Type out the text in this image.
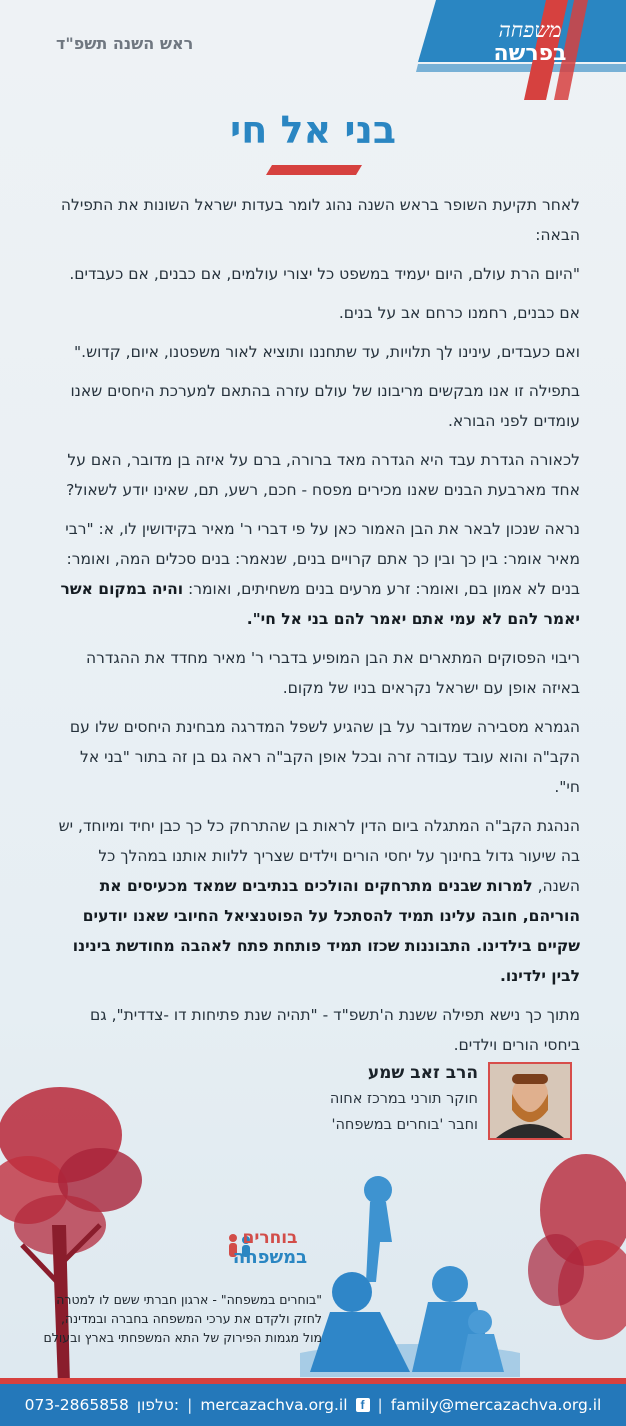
משפחה
בפרשה
ראש השנה תשפ"ד
בני אל חי

לאחר תקיעת השופר בראש השנה נהוג לומר בעדות ישראל השונות את התפילה הבאה:

"היום הרת עולם, היום יעמיד במשפט כל יצורי עולמים, אם כבנים, אם כעבדים.

אם כבנים, רחמנו כרחם אב על בנים.

ואם כעבדים, עינינו לך תלויות, עד שתחננו ותוציא לאור משפטנו, איום, קדוש."

בתפילה זו אנו מבקשים מריבונו של עולם עזרה בהתאם למערכת היחסים שאנו עומדים לפני הבורא.

לכאורה הגדרת עבד היא הגדרה מאד ברורה, ברם על איזה בן מדובר, האם על אחד מארבעת הבנים שאנו מכירים מפסח - חכם, רשע, תם, שאינו יודע לשאול?

נראה שנכון לבאר את הבן האמור כאן על פי דברי ר' מאיר בקידושין לו, א: "רבי מאיר אומר: בין כך ובין כך אתם קרויים בנים, שנאמר: בנים סכלים המה, ואומר: בנים לא אמון בם, ואומר: זרע מרעים בנים משחיתים, ואומר: והיה במקום אשר יאמר להם לא עמי אתם יאמר להם בני אל חי".

ריבוי הפסוקים המתארים את הבן המופיע בדברי ר' מאיר מחדד את ההגדרה באיזה אופן עם ישראל נקראים בניו של מקום.

הגמרא מסבירה שמדובר על בן שהגיע לשפל המדרגה מבחינת היחסים שלו עם הקב"ה והוא עובד עבודה זרה ובכל אופן הקב"ה ראה גם בן זה בתור "בני אל חי".

הנהגת הקב"ה המתגלה ביום הדין לראות בן שהתרחק כל כך כבן יחיד ומיוחד, יש בה שיעור גדול בחינוך על יחסי הורים וילדים שצריך ללוות אותנו במהלך כל השנה, למרות שבנים מתרחקים והולכים בנתיבים שמאד מכעיסים את הוריהם, חובה עלינו תמיד להסתכל על הפוטנציאל החיובי שאנו יודעים שקיים בילדינו. התבוננות שכזו תמיד פותחת פתח לאהבה מחודשת בינינו לבין ילדינו.

מתוך כך נישא תפילה ששנת ה'תשפ"ד - "תהיה שנת פתיחות דו -צדדית", גם ביחסי הורים וילדים.

הרב זאב שמע
חוקר תורני במרכז אחוה
וחבר 'בוחרים במשפחה'
בוחרים
במשפחה
"בוחרים במשפחה" - ארגון חברתי ששם לו למטרה לחזק ולקדם את ערכי המשפחה בחברה ובמדינה, מול מגמות הפירוק של התא המשפחתי בארץ ובעולם
073-2865858 טלפון: | mercazachva.org.il	f | family@mercazachva.org.il
